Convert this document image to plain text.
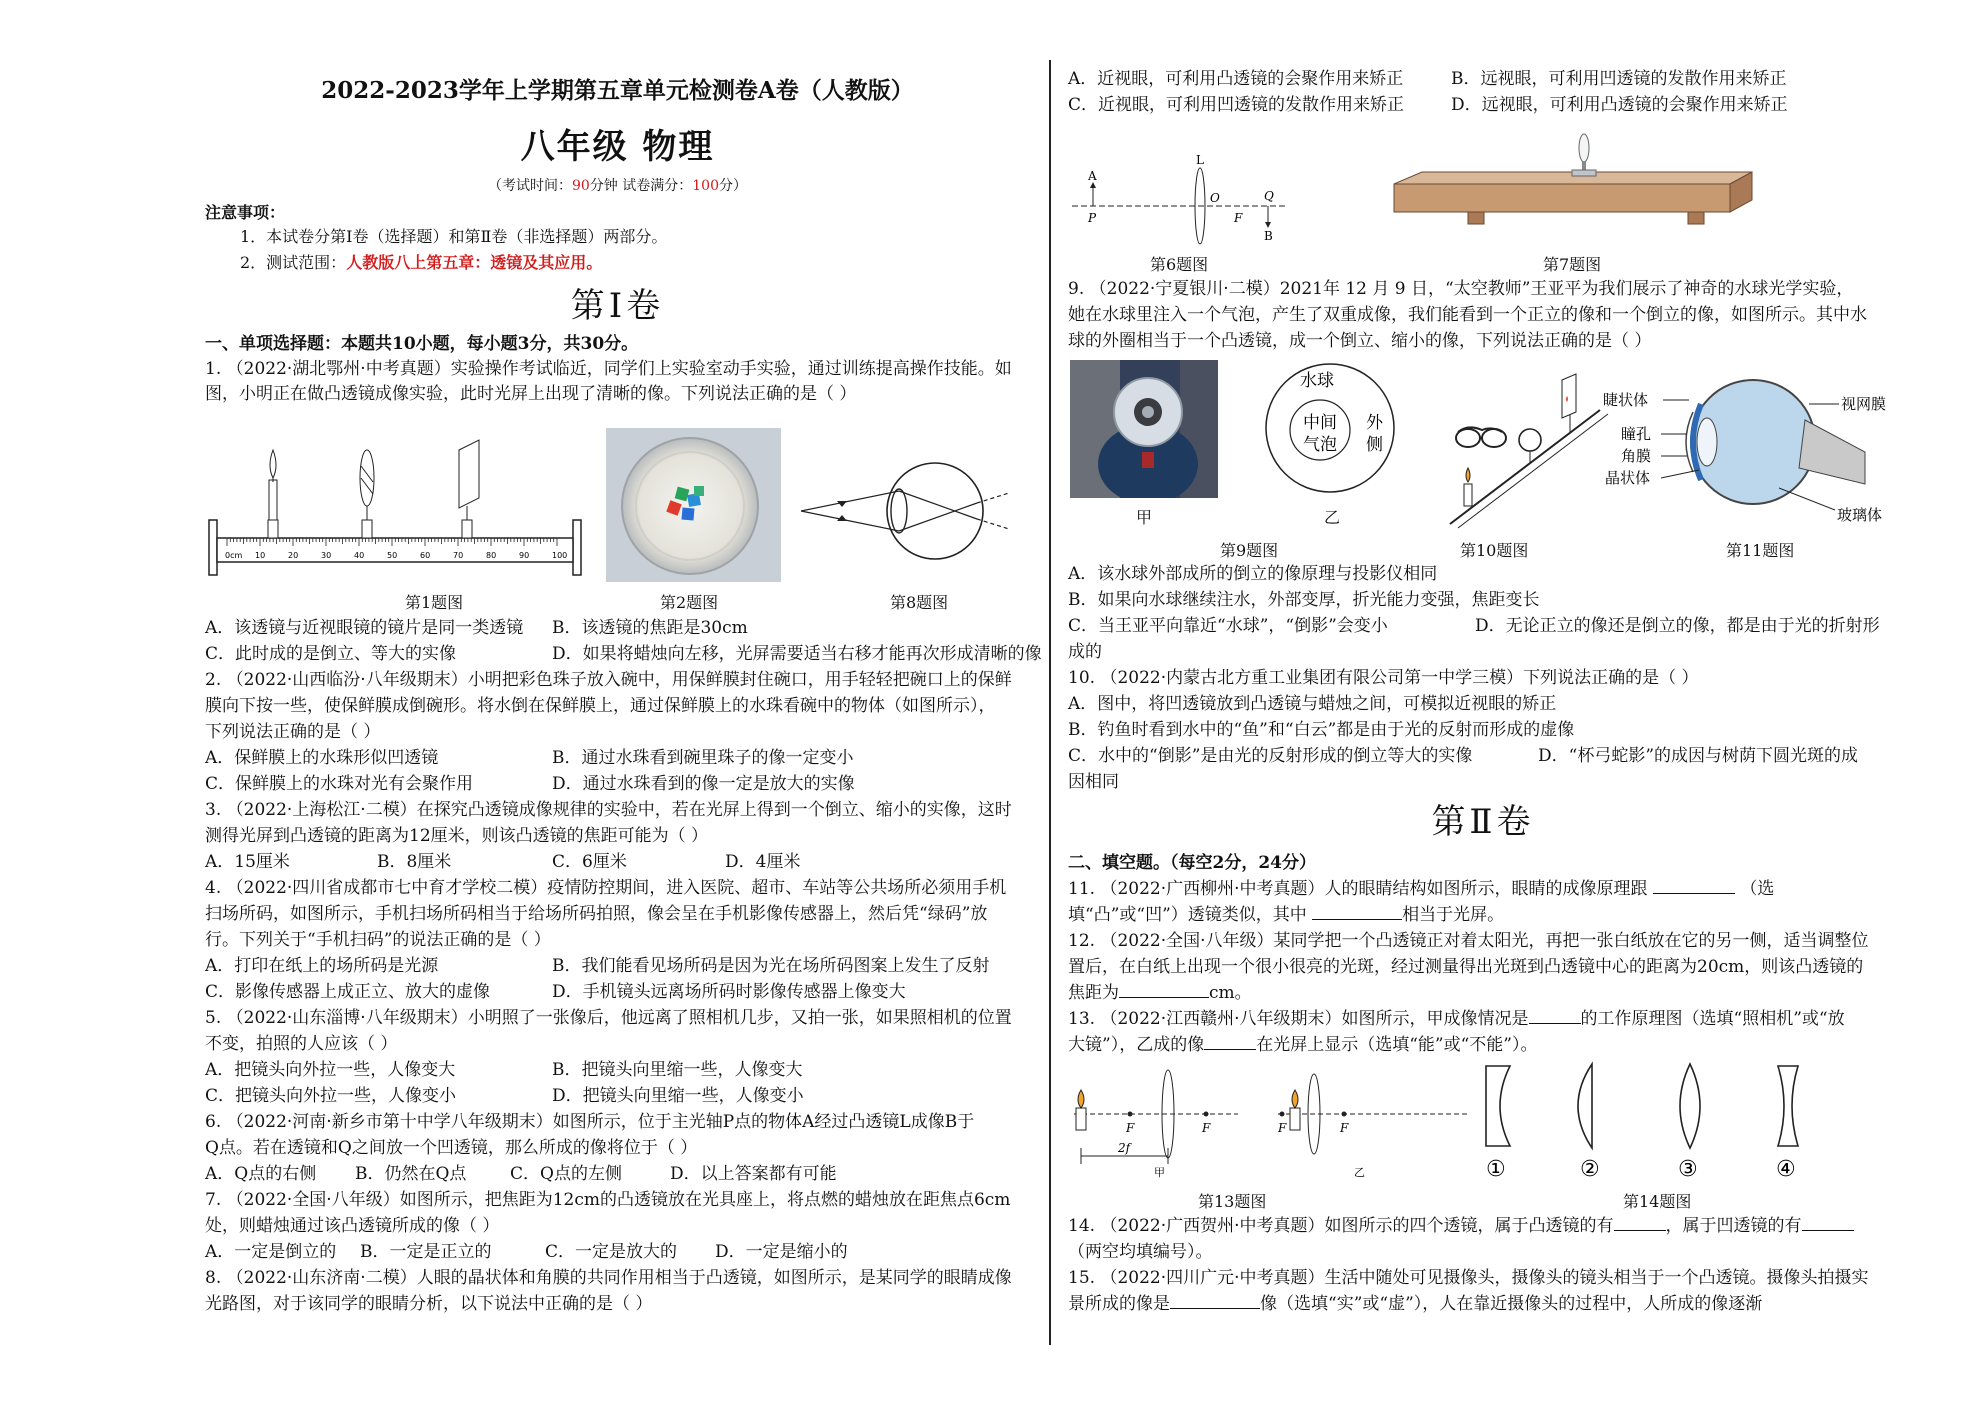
2022-2023学年上学期第五章单元检测卷A卷（人教版）
八年级 物理
（考试时间：90分钟 试卷满分：100分）
注意事项：
1．本试卷分第Ⅰ卷（选择题）和第Ⅱ卷（非选择题）两部分。
2．测试范围：人教版八上第五章：透镜及其应用。
第Ⅰ卷
一、单项选择题：本题共10小题，每小题3分，共30分。
1. （2022·湖北鄂州·中考真题）实验操作考试临近，同学们上实验室动手实验，通过训练提高操作技能。如
图，小明正在做凸透镜成像实验，此时光屏上出现了清晰的像。下列说法正确的是（ ）
0cm 10	20	30	40	50	60	70	80	90	100
第1题图	第2题图	第8题图
A．该透镜与近视眼镜的镜片是同一类透镜 B．该透镜的焦距是30cm
C．此时成的是倒立、等大的实像	D．如果将蜡烛向左移，光屏需要适当右移才能再次形成清晰的像
2. （2022·山西临汾·八年级期末）小明把彩色珠子放入碗中，用保鲜膜封住碗口，用手轻轻把碗口上的保鲜
膜向下按一些，使保鲜膜成倒碗形。将水倒在保鲜膜上，通过保鲜膜上的水珠看碗中的物体（如图所示），
下列说法正确的是（ ）
A．保鲜膜上的水珠形似凹透镜	B．通过水珠看到碗里珠子的像一定变小
C．保鲜膜上的水珠对光有会聚作用	D．通过水珠看到的像一定是放大的实像
3. （2022·上海松江·二模）在探究凸透镜成像规律的实验中，若在光屏上得到一个倒立、缩小的实像，这时
测得光屏到凸透镜的距离为12厘米，则该凸透镜的焦距可能为（ ）
A．15厘米	B．8厘米	C．6厘米	D．4厘米
4. （2022·四川省成都市七中育才学校二模）疫情防控期间，进入医院、超市、车站等公共场所必须用手机
扫场所码，如图所示，手机扫场所码相当于给场所码拍照，像会呈在手机影像传感器上，然后凭“绿码”放
行。下列关于“手机扫码”的说法正确的是（ ）
A．打印在纸上的场所码是光源	B．我们能看见场所码是因为光在场所码图案上发生了反射
C．影像传感器上成正立、放大的虚像	D．手机镜头远离场所码时影像传感器上像变大
5. （2022·山东淄博·八年级期末）小明照了一张像后，他远离了照相机几步，又拍一张，如果照相机的位置
不变，拍照的人应该（ ）
A．把镜头向外拉一些，人像变大	B．把镜头向里缩一些，人像变大
C．把镜头向外拉一些，人像变小	D．把镜头向里缩一些，人像变小
6. （2022·河南·新乡市第十中学八年级期末）如图所示，位于主光轴P点的物体A经过凸透镜L成像B于
Q点。若在透镜和Q之间放一个凹透镜，那么所成的像将位于（ ）
A．Q点的右侧 B．仍然在Q点	C．Q点的左侧	D．以上答案都有可能
7. （2022·全国·八年级）如图所示，把焦距为12cm的凸透镜放在光具座上，将点燃的蜡烛放在距焦点6cm
处，则蜡烛通过该凸透镜所成的像（ ）
A．一定是倒立的 B．一定是正立的	C．一定是放大的 D．一定是缩小的
8. （2022·山东济南·二模）人眼的晶状体和角膜的共同作用相当于凸透镜，如图所示，是某同学的眼睛成像
光路图，对于该同学的眼睛分析，以下说法中正确的是（ ）
A．近视眼，可利用凸透镜的会聚作用来矫正	B．远视眼，可利用凹透镜的发散作用来矫正
C．近视眼，可利用凹透镜的发散作用来矫正	D．远视眼，可利用凸透镜的会聚作用来矫正
A
P
L
O
F
Q
B
第6题图	第7题图
9. （2022·宁夏银川·二模）2021年 12 月 9 日，“太空教师”王亚平为我们展示了神奇的水球光学实验，
她在水球里注入一个气泡，产生了双重成像，我们能看到一个正立的像和一个倒立的像，如图所示。其中水
球的外圈相当于一个凸透镜，成一个倒立、缩小的像，下列说法正确的是（ ）
甲
水球
中间
气泡
外
侧
乙
睫状体
瞳孔
角膜
晶状体
视网膜
玻璃体
第9题图	第10题图	第11题图
A．该水球外部成所的倒立的像原理与投影仪相同
B．如果向水球继续注水，外部变厚，折光能力变强，焦距变长
C．当王亚平向靠近“水球”，“倒影”会变小	D．无论正立的像还是倒立的像，都是由于光的折射形
成的
10. （2022·内蒙古北方重工业集团有限公司第一中学三模）下列说法正确的是（ ）
A．图中，将凹透镜放到凸透镜与蜡烛之间，可模拟近视眼的矫正
B．钓鱼时看到水中的“鱼”和“白云”都是由于光的反射而形成的虚像
C．水中的“倒影”是由光的反射形成的倒立等大的实像	D．“杯弓蛇影”的成因与树荫下圆光斑的成
因相同
第Ⅱ卷
二、填空题。（每空2分，24分）
11. （2022·广西柳州·中考真题）人的眼睛结构如图所示，眼睛的成像原理跟	（选
填“凸”或“凹”）透镜类似，其中	相当于光屏。
12. （2022·全国·八年级）某同学把一个凸透镜正对着太阳光，再把一张白纸放在它的另一侧，适当调整位
置后，在白纸上出现一个很小很亮的光斑，经过测量得出光斑到凸透镜中心的距离为20cm，则该凸透镜的
焦距为	cm。
13. （2022·江西赣州·八年级期末）如图所示，甲成像情况是	的工作原理图（选填“照相机”或“放
大镜”），乙成的像	在光屏上显示（选填“能”或“不能”）。
F	F
2f
甲
F	F
乙	①	②	③	④
第13题图	第14题图
14. （2022·广西贺州·中考真题）如图所示的四个透镜，属于凸透镜的有	，属于凹透镜的有
（两空均填编号）。
15. （2022·四川广元·中考真题）生活中随处可见摄像头，摄像头的镜头相当于一个凸透镜。摄像头拍摄实
景所成的像是	像（选填“实”或“虚”），人在靠近摄像头的过程中，人所成的像逐渐
